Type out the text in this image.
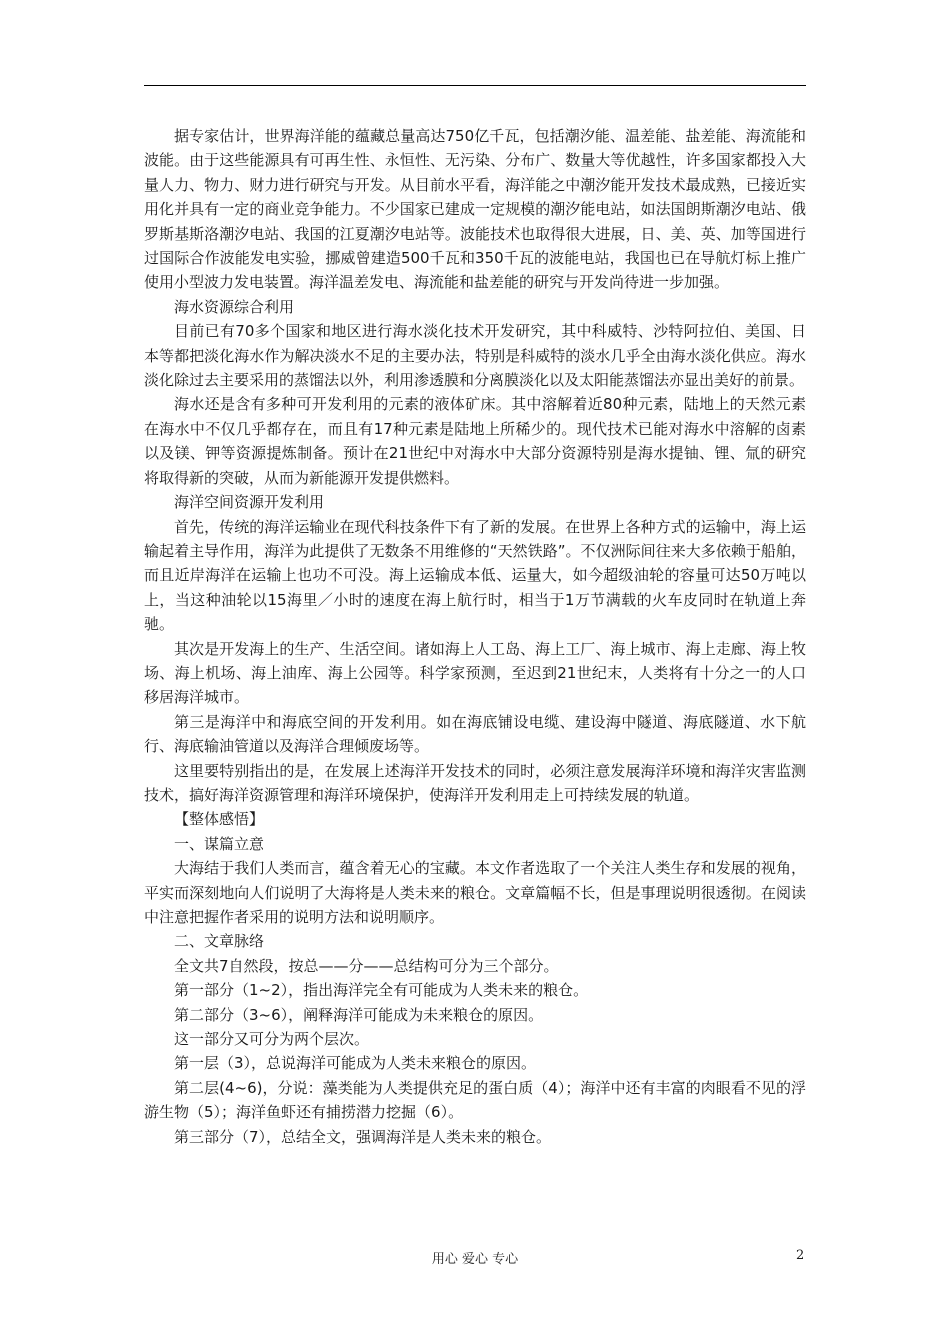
据专家估计，世界海洋能的蕴藏总量高达750亿千瓦，包括潮汐能、温差能、盐差能、海流能和波能。由于这些能源具有可再生性、永恒性、无污染、分布广、数量大等优越性，许多国家都投入大量人力、物力、财力进行研究与开发。从目前水平看，海洋能之中潮汐能开发技术最成熟，已接近实用化并具有一定的商业竞争能力。不少国家已建成一定规模的潮汐能电站，如法国朗斯潮汐电站、俄罗斯基斯洛潮汐电站、我国的江夏潮汐电站等。波能技术也取得很大进展，日、美、英、加等国进行过国际合作波能发电实验，挪威曾建造500千瓦和350千瓦的波能电站，我国也已在导航灯标上推广使用小型波力发电装置。海洋温差发电、海流能和盐差能的研究与开发尚待进一步加强。

海水资源综合利用

目前已有70多个国家和地区进行海水淡化技术开发研究，其中科威特、沙特阿拉伯、美国、日本等都把淡化海水作为解决淡水不足的主要办法，特别是科威特的淡水几乎全由海水淡化供应。海水淡化除过去主要采用的蒸馏法以外，利用渗透膜和分离膜淡化以及太阳能蒸馏法亦显出美好的前景。

海水还是含有多种可开发利用的元素的液体矿床。其中溶解着近80种元素，陆地上的天然元素在海水中不仅几乎都存在，而且有17种元素是陆地上所稀少的。现代技术已能对海水中溶解的卤素以及镁、钾等资源提炼制备。预计在21世纪中对海水中大部分资源特别是海水提铀、锂、氚的研究将取得新的突破，从而为新能源开发提供燃料。

海洋空间资源开发利用

首先，传统的海洋运输业在现代科技条件下有了新的发展。在世界上各种方式的运输中，海上运输起着主导作用，海洋为此提供了无数条不用维修的“天然铁路”。不仅洲际间往来大多依赖于船舶，而且近岸海洋在运输上也功不可没。海上运输成本低、运量大，如今超级油轮的容量可达50万吨以上，当这种油轮以15海里／小时的速度在海上航行时，相当于1万节满载的火车皮同时在轨道上奔驰。

其次是开发海上的生产、生活空间。诸如海上人工岛、海上工厂、海上城市、海上走廊、海上牧场、海上机场、海上油库、海上公园等。科学家预测，至迟到21世纪末，人类将有十分之一的人口移居海洋城市。

第三是海洋中和海底空间的开发利用。如在海底铺设电缆、建设海中隧道、海底隧道、水下航行、海底输油管道以及海洋合理倾废场等。

这里要特别指出的是，在发展上述海洋开发技术的同时，必须注意发展海洋环境和海洋灾害监测技术，搞好海洋资源管理和海洋环境保护，使海洋开发利用走上可持续发展的轨道。

【整体感悟】

一、谋篇立意

大海结于我们人类而言，蕴含着无心的宝藏。本文作者选取了一个关注人类生存和发展的视角，平实而深刻地向人们说明了大海将是人类未来的粮仓。文章篇幅不长，但是事理说明很透彻。在阅读中注意把握作者采用的说明方法和说明顺序。

二、文章脉络

全文共7自然段，按总——分——总结构可分为三个部分。

第一部分（1~2），指出海洋完全有可能成为人类未来的粮仓。

第二部分（3~6），阐释海洋可能成为未来粮仓的原因。

这一部分又可分为两个层次。

第一层（3），总说海洋可能成为人类未来粮仓的原因。

第二层(4~6)，分说：藻类能为人类提供充足的蛋白质（4）；海洋中还有丰富的肉眼看不见的浮游生物（5）；海洋鱼虾还有捕捞潜力挖掘（6）。

第三部分（7），总结全文，强调海洋是人类未来的粮仓。

用心 爱心 专心	2
